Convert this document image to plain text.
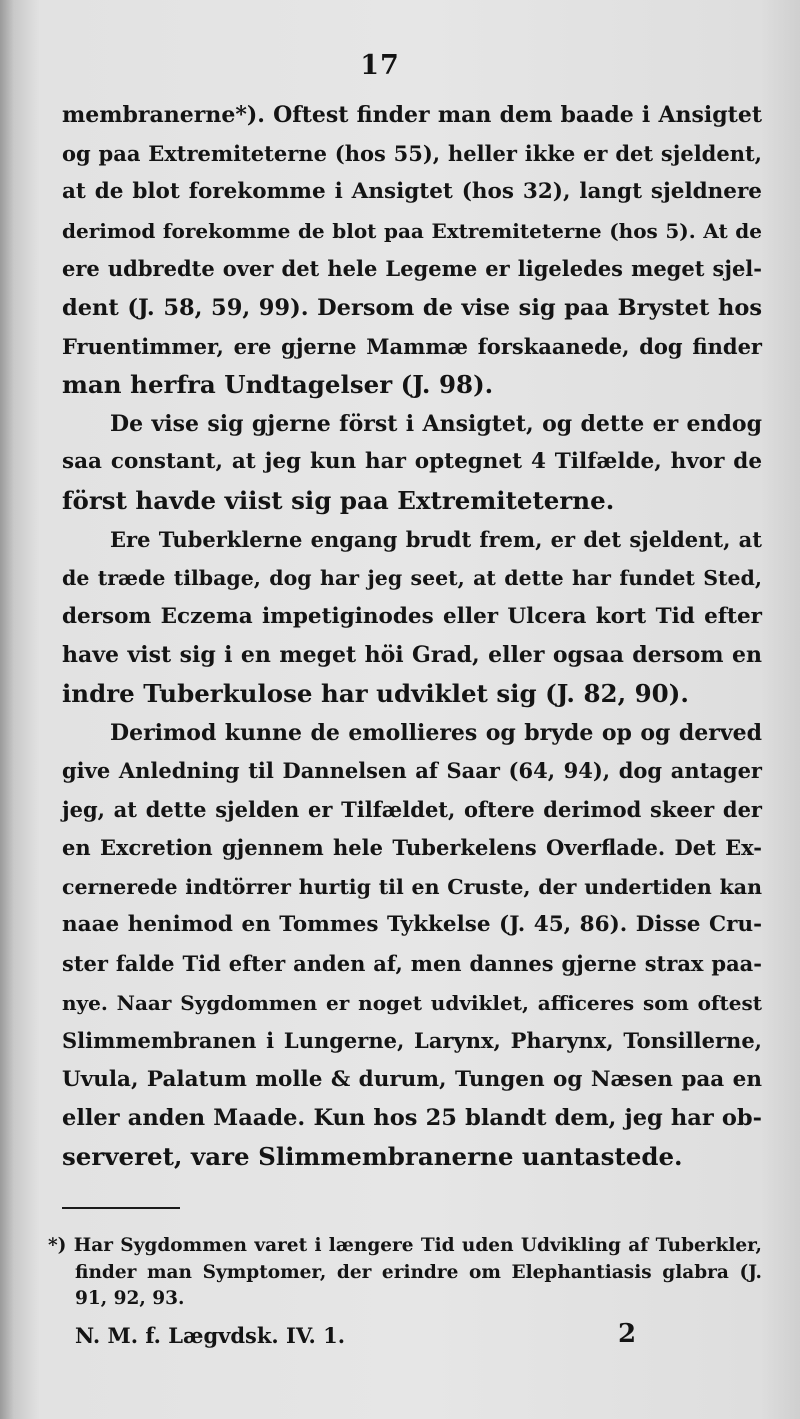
17
membranerne*). Oftest finder man dem baade i Ansigtet
og paa Extremiteterne (hos 55), heller ikke er det sjeldent,
at de blot forekomme i Ansigtet (hos 32), langt sjeldnere
derimod forekomme de blot paa Extremiteterne (hos 5). At de
ere udbredte over det hele Legeme er ligeledes meget sjel-
dent (J. 58, 59, 99). Dersom de vise sig paa Brystet hos
Fruentimmer, ere gjerne Mammæ forskaanede, dog finder
man herfra Undtagelser (J. 98).
De vise sig gjerne först i Ansigtet, og dette er endog
saa constant, at jeg kun har optegnet 4 Tilfælde, hvor de
först havde viist sig paa Extremiteterne.
Ere Tuberklerne engang brudt frem, er det sjeldent, at
de træde tilbage, dog har jeg seet, at dette har fundet Sted,
dersom Eczema impetiginodes eller Ulcera kort Tid efter
have vist sig i en meget höi Grad, eller ogsaa dersom en
indre Tuberkulose har udviklet sig (J. 82, 90).
Derimod kunne de emollieres og bryde op og derved
give Anledning til Dannelsen af Saar (64, 94), dog antager
jeg, at dette sjelden er Tilfældet, oftere derimod skeer der
en Excretion gjennem hele Tuberkelens Overflade. Det Ex-
cernerede indtörrer hurtig til en Cruste, der undertiden kan
naae henimod en Tommes Tykkelse (J. 45, 86). Disse Cru-
ster falde Tid efter anden af, men dannes gjerne strax paa-
nye. Naar Sygdommen er noget udviklet, afficeres som oftest
Slimmembranen i Lungerne, Larynx, Pharynx, Tonsillerne,
Uvula, Palatum molle & durum, Tungen og Næsen paa en
eller anden Maade. Kun hos 25 blandt dem, jeg har ob-
serveret, vare Slimmembranerne uantastede.
*) Har Sygdommen varet i længere Tid uden Udvikling af Tuberkler,
finder man Symptomer, der erindre om Elephantiasis glabra (J.
91, 92, 93.
N. M. f. Lægvdsk. IV. 1.	2
